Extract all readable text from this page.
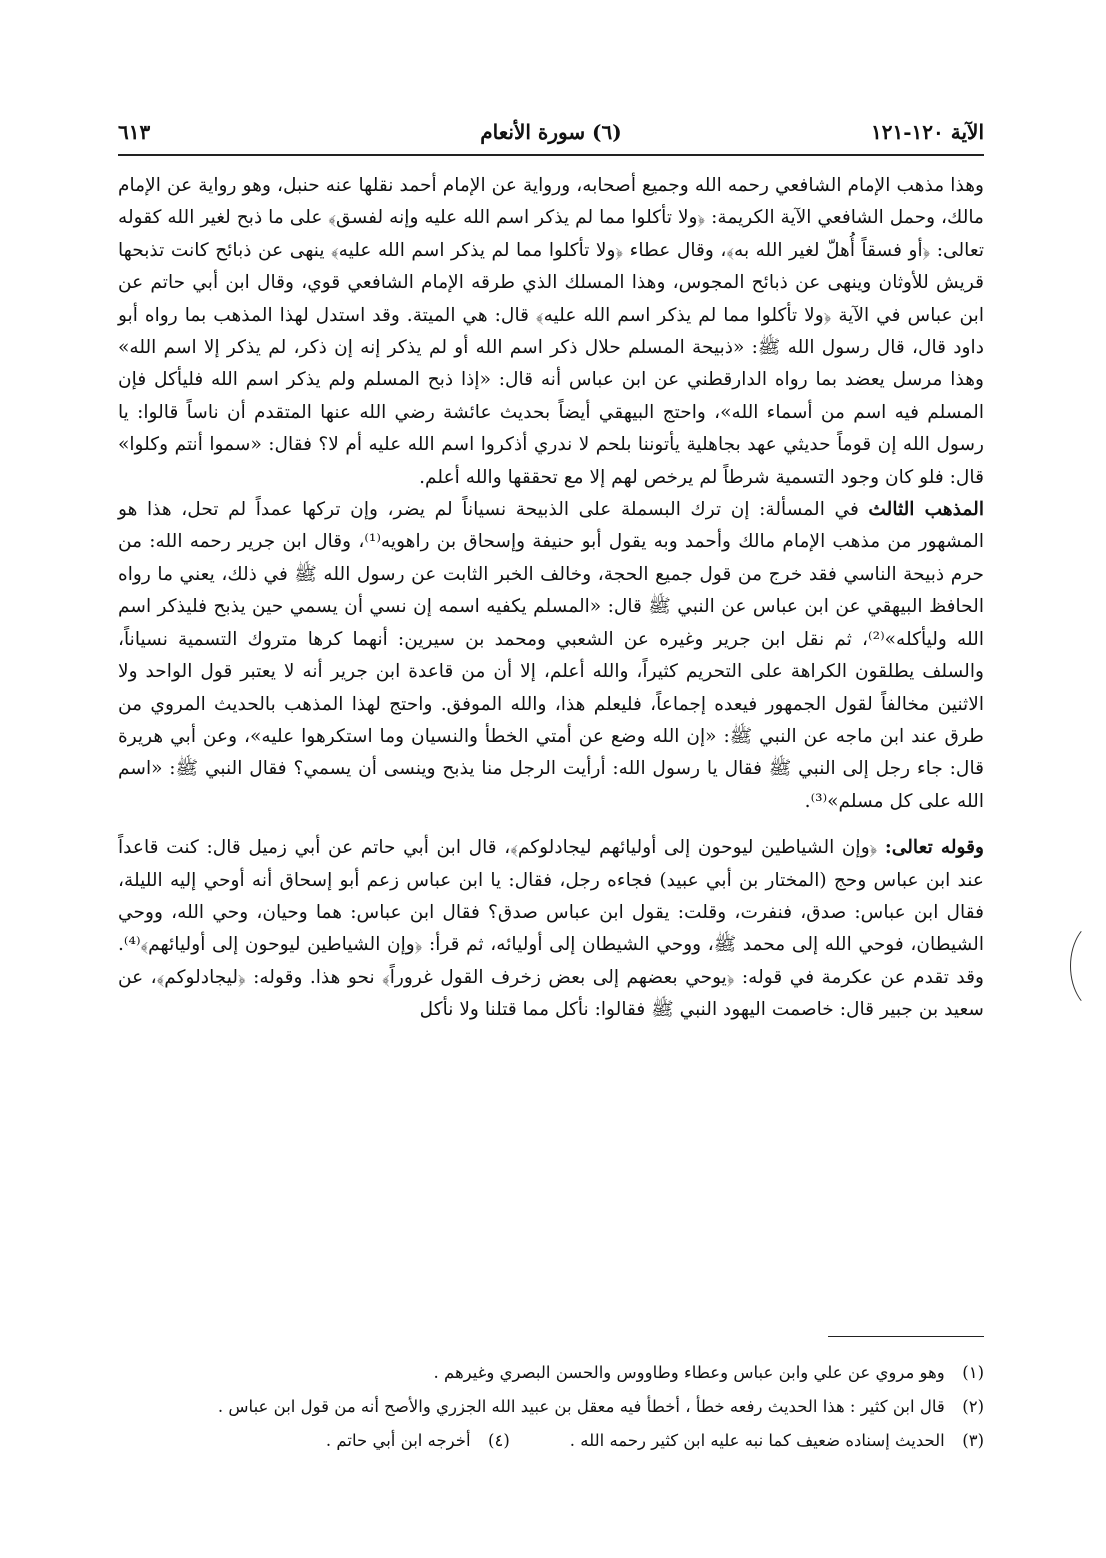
الآية ١٢٠-١٢١
(٦) سورة الأنعام
٦١٣

وهذا مذهب الإمام الشافعي رحمه الله وجميع أصحابه، ورواية عن الإمام أحمد نقلها عنه حنبل، وهو رواية عن الإمام مالك، وحمل الشافعي الآية الكريمة: ﴿ولا تأكلوا مما لم يذكر اسم الله عليه وإنه لفسق﴾ على ما ذبح لغير الله كقوله تعالى: ﴿أو فسقاً أُهلّ لغير الله به﴾، وقال عطاء ﴿ولا تأكلوا مما لم يذكر اسم الله عليه﴾ ينهى عن ذبائح كانت تذبحها قريش للأوثان وينهى عن ذبائح المجوس، وهذا المسلك الذي طرقه الإمام الشافعي قوي، وقال ابن أبي حاتم عن ابن عباس في الآية ﴿ولا تأكلوا مما لم يذكر اسم الله عليه﴾ قال: هي الميتة. وقد استدل لهذا المذهب بما رواه أبو داود قال، قال رسول الله ﷺ: «ذبيحة المسلم حلال ذكر اسم الله أو لم يذكر إنه إن ذكر، لم يذكر إلا اسم الله» وهذا مرسل يعضد بما رواه الدارقطني عن ابن عباس أنه قال: «إذا ذبح المسلم ولم يذكر اسم الله فليأكل فإن المسلم فيه اسم من أسماء الله»، واحتج البيهقي أيضاً بحديث عائشة رضي الله عنها المتقدم أن ناساً قالوا: يا رسول الله إن قوماً حديثي عهد بجاهلية يأتوننا بلحم لا ندري أذكروا اسم الله عليه أم لا؟ فقال: «سموا أنتم وكلوا» قال: فلو كان وجود التسمية شرطاً لم يرخص لهم إلا مع تحققها والله أعلم.

المذهب الثالث في المسألة: إن ترك البسملة على الذبيحة نسياناً لم يضر، وإن تركها عمداً لم تحل، هذا هو المشهور من مذهب الإمام مالك وأحمد وبه يقول أبو حنيفة وإسحاق بن راهويه⁽¹⁾، وقال ابن جرير رحمه الله: من حرم ذبيحة الناسي فقد خرج من قول جميع الحجة، وخالف الخبر الثابت عن رسول الله ﷺ في ذلك، يعني ما رواه الحافظ البيهقي عن ابن عباس عن النبي ﷺ قال: «المسلم يكفيه اسمه إن نسي أن يسمي حين يذبح فليذكر اسم الله وليأكله»⁽²⁾، ثم نقل ابن جرير وغيره عن الشعبي ومحمد بن سيرين: أنهما كرها متروك التسمية نسياناً، والسلف يطلقون الكراهة على التحريم كثيراً، والله أعلم، إلا أن من قاعدة ابن جرير أنه لا يعتبر قول الواحد ولا الاثنين مخالفاً لقول الجمهور فيعده إجماعاً، فليعلم هذا، والله الموفق. واحتج لهذا المذهب بالحديث المروي من طرق عند ابن ماجه عن النبي ﷺ: «إن الله وضع عن أمتي الخطأ والنسيان وما استكرهوا عليه»، وعن أبي هريرة قال: جاء رجل إلى النبي ﷺ فقال يا رسول الله: أرأيت الرجل منا يذبح وينسى أن يسمي؟ فقال النبي ﷺ: «اسم الله على كل مسلم»⁽³⁾.

وقوله تعالى: ﴿وإن الشياطين ليوحون إلى أوليائهم ليجادلوكم﴾، قال ابن أبي حاتم عن أبي زميل قال: كنت قاعداً عند ابن عباس وحج (المختار بن أبي عبيد) فجاءه رجل، فقال: يا ابن عباس زعم أبو إسحاق أنه أوحي إليه الليلة، فقال ابن عباس: صدق، فنفرت، وقلت: يقول ابن عباس صدق؟ فقال ابن عباس: هما وحيان، وحي الله، ووحي الشيطان، فوحي الله إلى محمد ﷺ، ووحي الشيطان إلى أوليائه، ثم قرأ: ﴿وإن الشياطين ليوحون إلى أوليائهم﴾⁽⁴⁾. وقد تقدم عن عكرمة في قوله: ﴿يوحي بعضهم إلى بعض زخرف القول غروراً﴾ نحو هذا. وقوله: ﴿ليجادلوكم﴾، عن سعيد بن جبير قال: خاصمت اليهود النبي ﷺ فقالوا: نأكل مما قتلنا ولا نأكل

(١) وهو مروي عن علي وابن عباس وعطاء وطاووس والحسن البصري وغيرهم .
(٢) قال ابن كثير : هذا الحديث رفعه خطأ ، أخطأ فيه معقل بن عبيد الله الجزري والأصح أنه من قول ابن عباس .
(٣) الحديث إسناده ضعيف كما نبه عليه ابن كثير رحمه الله .(٤) أخرجه ابن أبي حاتم .
